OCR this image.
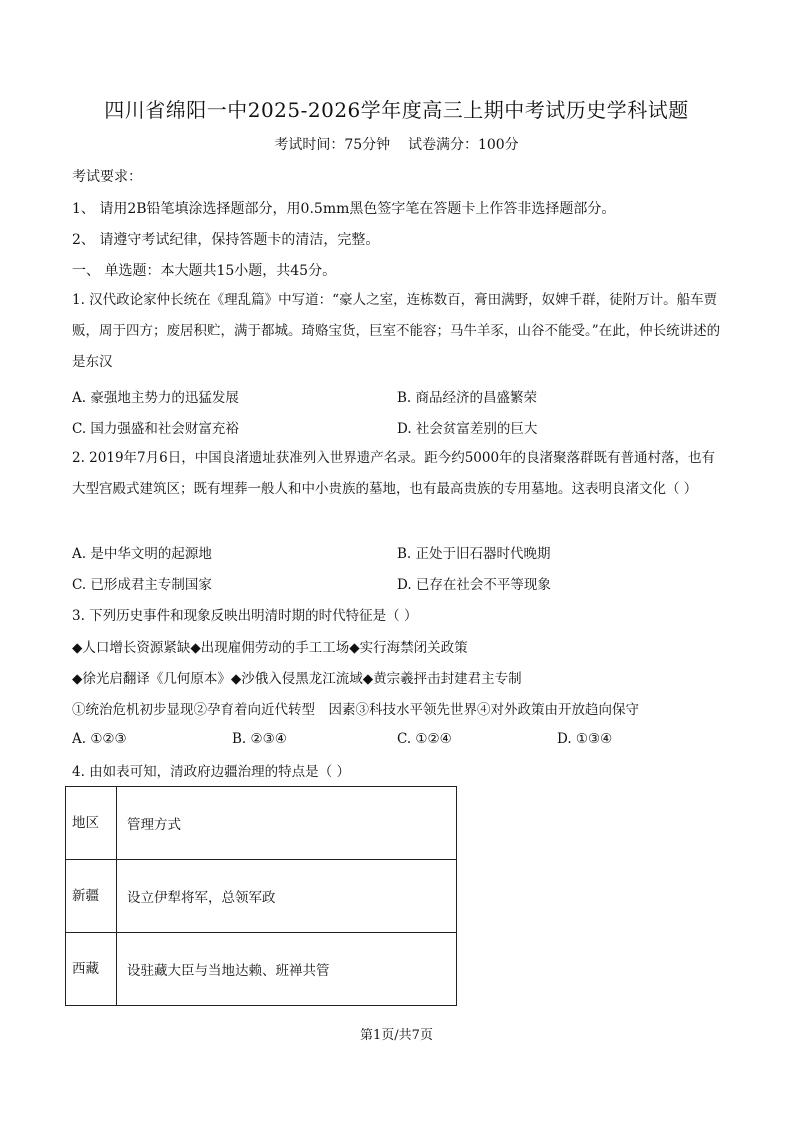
四川省绵阳一中2025-2026学年度高三上期中考试历史学科试题
考试时间：75分钟    试卷满分：100分
考试要求：
1、 请用2B铅笔填涂选择题部分，用0.5mm黑色签字笔在答题卡上作答非选择题部分。
2、 请遵守考试纪律，保持答题卡的清洁，完整。
一、 单选题：本大题共15小题，共45分。
1. 汉代政论家仲长统在《理乱篇》中写道：“豪人之室，连栋数百，膏田满野，奴婢千群，徒附万计。船车贾贩，周于四方；废居积贮，满于都城。琦赂宝货，巨室不能容；马牛羊豕，山谷不能受。”在此，仲长统讲述的是东汉
A. 豪强地主势力的迅猛发展	B. 商品经济的昌盛繁荣
C. 国力强盛和社会财富充裕	D. 社会贫富差别的巨大
2. 2019年7月6日，中国良渚遗址获准列入世界遗产名录。距今约5000年的良渚聚落群既有普通村落，也有大型宫殿式建筑区；既有埋葬一般人和中小贵族的墓地，也有最高贵族的专用墓地。这表明良渚文化（ ）
A. 是中华文明的起源地	B. 正处于旧石器时代晚期
C. 已形成君主专制国家	D. 已存在社会不平等现象
3. 下列历史事件和现象反映出明清时期的时代特征是（ ）
◆人口增长资源紧缺◆出现雇佣劳动的手工工场◆实行海禁闭关政策
◆徐光启翻译《几何原本》◆沙俄入侵黑龙江流域◆黄宗羲抨击封建君主专制
①统治危机初步显现②孕育着向近代转型　因素③科技水平领先世界④对外政策由开放趋向保守
A. ①②③	B. ②③④	C. ①②④	D. ①③④
4. 由如表可知，清政府边疆治理的特点是（ ）
地区	管理方式
新疆	设立伊犁将军，总领军政
西藏	设驻藏大臣与当地达赖、班禅共管
第1页/共7页
